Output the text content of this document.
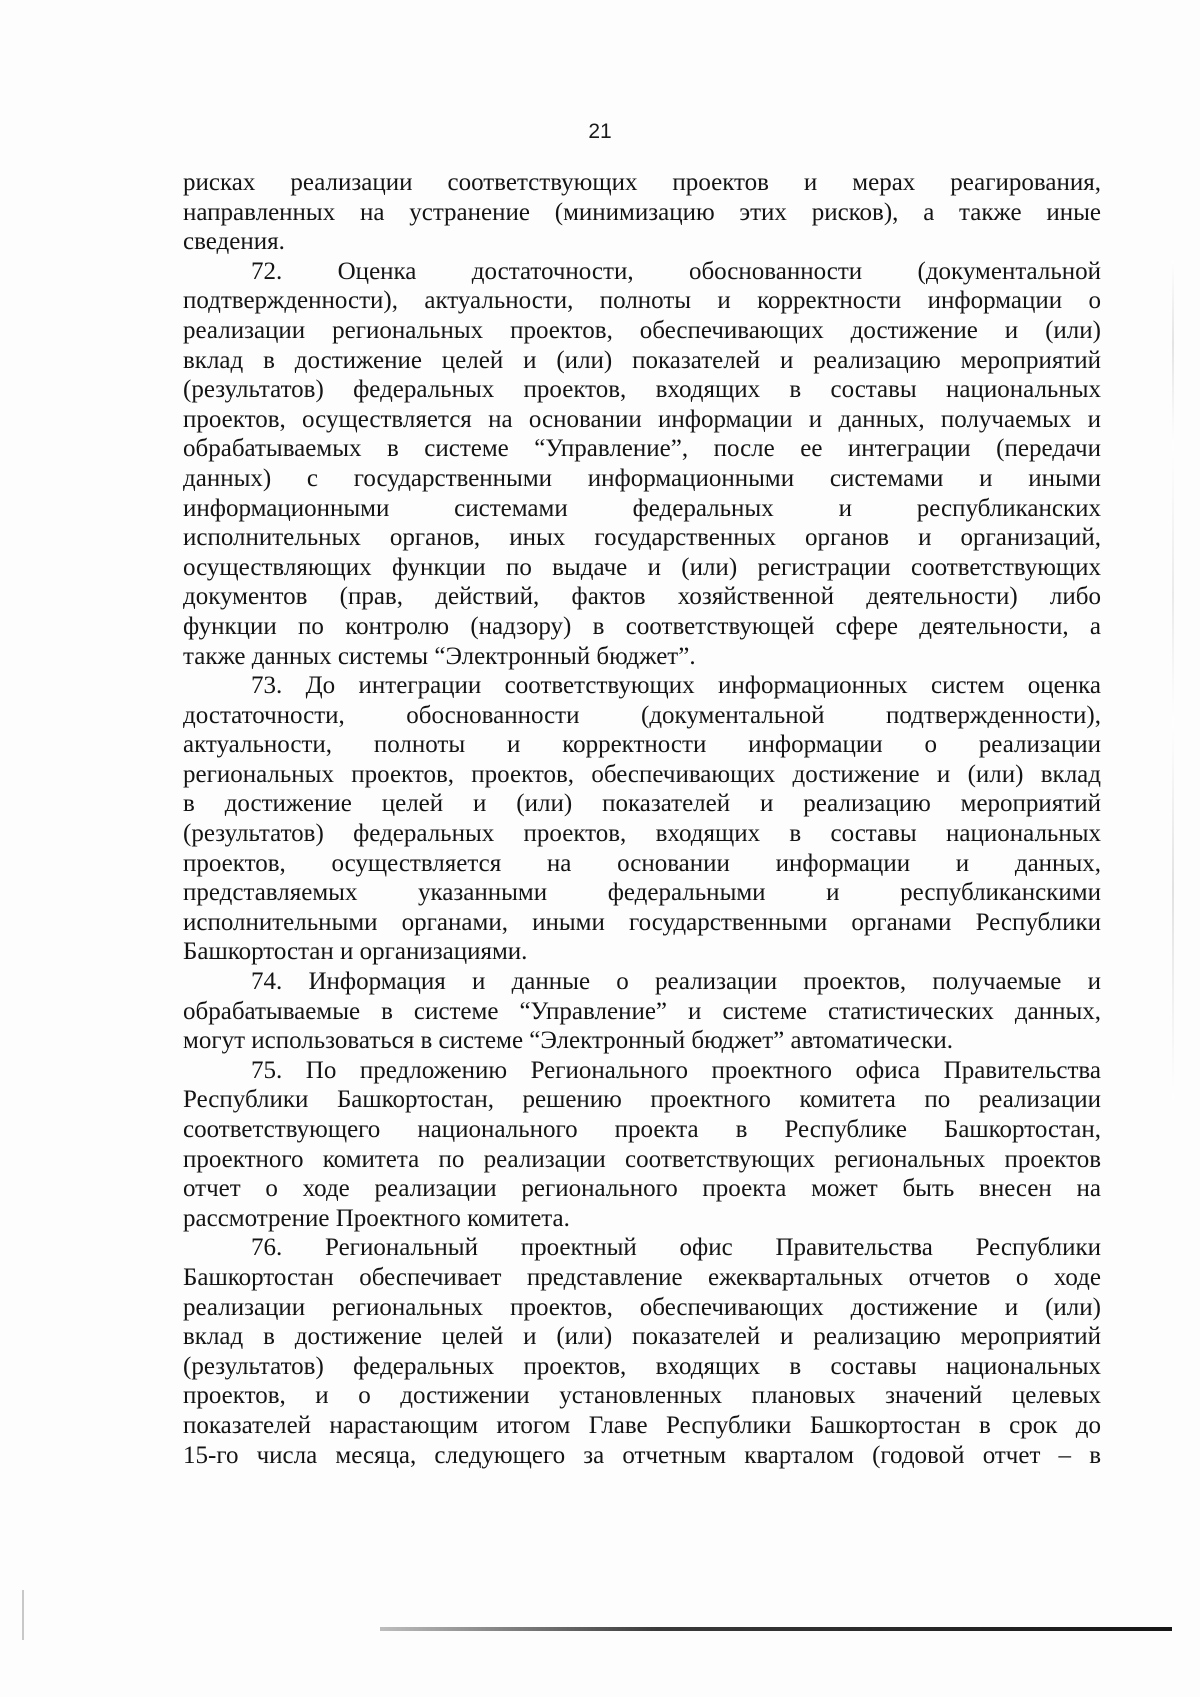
21
рисках реализации соответствующих проектов и мерах реагирования,
направленных на устранение (минимизацию этих рисков), а также иные
сведения.
72. Оценка достаточности, обоснованности (документальной
подтвержденности), актуальности, полноты и корректности информации о
реализации региональных проектов, обеспечивающих достижение и (или)
вклад в достижение целей и (или) показателей и реализацию мероприятий
(результатов) федеральных проектов, входящих в составы национальных
проектов, осуществляется на основании информации и данных, получаемых и
обрабатываемых в системе “Управление”, после ее интеграции (передачи
данных) с государственными информационными системами и иными
информационными системами федеральных и республиканских
исполнительных органов, иных государственных органов и организаций,
осуществляющих функции по выдаче и (или) регистрации соответствующих
документов (прав, действий, фактов хозяйственной деятельности) либо
функции по контролю (надзору) в соответствующей сфере деятельности, а
также данных системы “Электронный бюджет”.
73. До интеграции соответствующих информационных систем оценка
достаточности, обоснованности (документальной подтвержденности),
актуальности, полноты и корректности информации о реализации
региональных проектов, проектов, обеспечивающих достижение и (или) вклад
в достижение целей и (или) показателей и реализацию мероприятий
(результатов) федеральных проектов, входящих в составы национальных
проектов, осуществляется на основании информации и данных,
представляемых указанными федеральными и республиканскими
исполнительными органами, иными государственными органами Республики
Башкортостан и организациями.
74. Информация и данные о реализации проектов, получаемые и
обрабатываемые в системе “Управление” и системе статистических данных,
могут использоваться в системе “Электронный бюджет” автоматически.
75. По предложению Регионального проектного офиса Правительства
Республики Башкортостан, решению проектного комитета по реализации
соответствующего национального проекта в Республике Башкортостан,
проектного комитета по реализации соответствующих региональных проектов
отчет о ходе реализации регионального проекта может быть внесен на
рассмотрение Проектного комитета.
76. Региональный проектный офис Правительства Республики
Башкортостан обеспечивает представление ежеквартальных отчетов о ходе
реализации региональных проектов, обеспечивающих достижение и (или)
вклад в достижение целей и (или) показателей и реализацию мероприятий
(результатов) федеральных проектов, входящих в составы национальных
проектов, и о достижении установленных плановых значений целевых
показателей нарастающим итогом Главе Республики Башкортостан в срок до
15-го числа месяца, следующего за отчетным кварталом (годовой отчет – в
